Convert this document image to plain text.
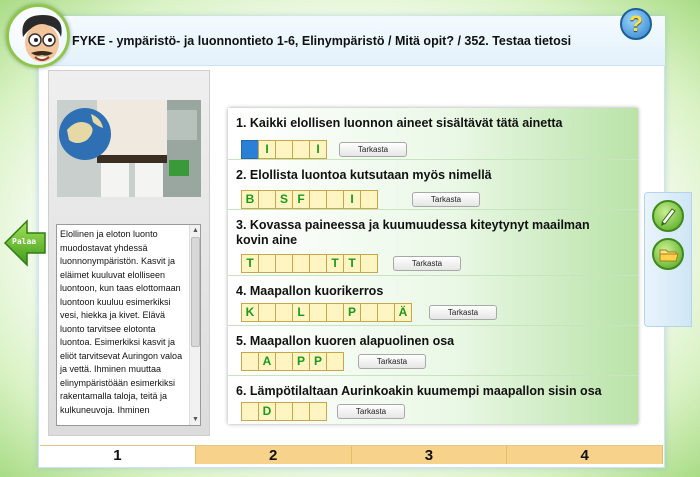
FYKE - ympäristö- ja luonnontieto 1-6, Elinympäristö / Mitä opit? / 352. Testaa tietosi
?
Elollinen ja eloton luonto muodostavat yhdessä luonnonympäristön. Kasvit ja eläimet kuuluvat elolliseen luontoon, kun taas elottomaan luontoon kuuluu esimerkiksi vesi, hiekka ja kivet. Elävä luonto tarvitsee elotonta luontoa. Esimerkiksi kasvit ja eliöt tarvitsevat Auringon valoa ja vettä. Ihminen muuttaa elinympäristöään esimerkiksi rakentamalla taloja, teitä ja kulkuneuvoja. Ihminen
▲
▼
Palaa
1. Kaikki elollisen luonnon aineet sisältävät tätä ainetta
I	I	Tarkasta
2. Elollista luontoa kutsutaan myös nimellä
B	S F	I	Tarkasta
3. Kovassa paineessa ja kuumuudessa kiteytynyt maailman kovin aine
T	T T	Tarkasta
4. Maapallon kuorikerros
K	L	P	Ä	Tarkasta
5. Maapallon kuoren alapuolinen osa
A	P P	Tarkasta
6. Lämpötilaltaan Aurinkoakin kuumempi maapallon sisin osa
D	Tarkasta
1	2	3	4
